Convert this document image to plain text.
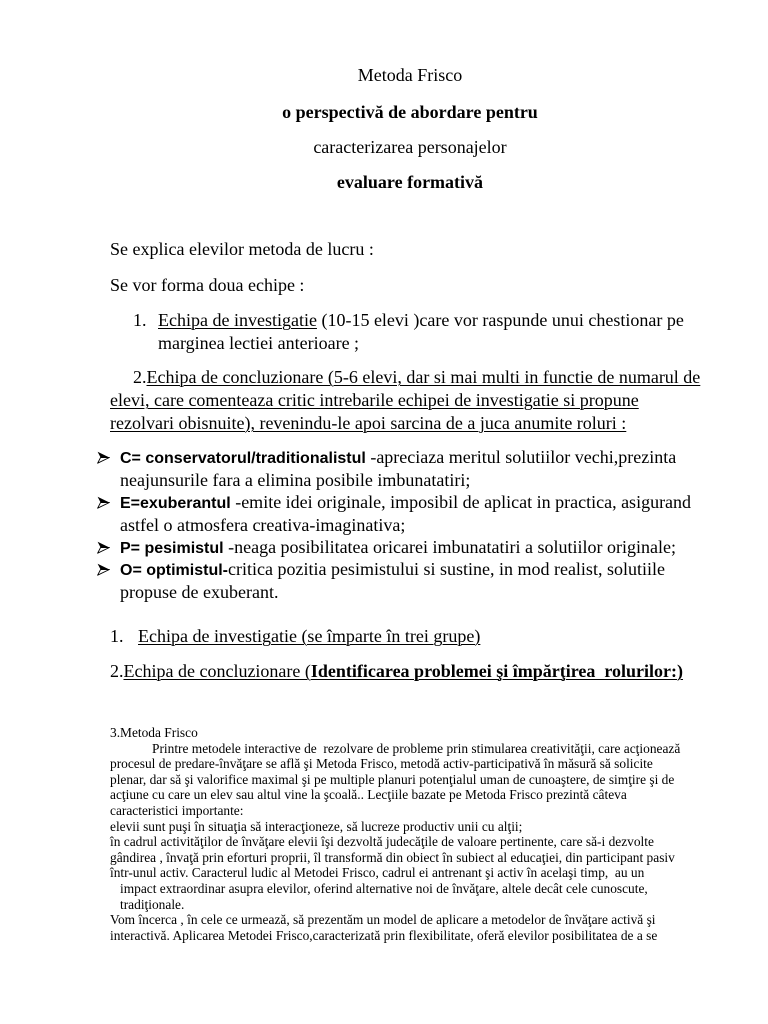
Metoda Frisco
o perspectivă de abordare pentru
caracterizarea personajelor
evaluare formativă
Se explica elevilor metoda de lucru :
Se vor forma doua echipe :
1. Echipa de investigatie (10-15 elevi )care vor raspunde unui chestionar pe
marginea lectiei anterioare ;
2.Echipa de concluzionare (5-6 elevi, dar si mai multi in functie de numarul de
elevi, care comenteaza critic intrebarile echipei de investigatie si propune
rezolvari obisnuite), revenindu-le apoi sarcina de a juca anumite roluri :
C= conservatorul/traditionalistul -apreciaza meritul solutiilor vechi,prezinta
neajunsurile fara a elimina posibile imbunatatiri;
E=exuberantul -emite idei originale, imposibil de aplicat in practica, asigurand
astfel o atmosfera creativa-imaginativa;
P= pesimistul -neaga posibilitatea oricarei imbunatatiri a solutiilor originale;
O= optimistul-critica pozitia pesimistului si sustine, in mod realist, solutiile
propuse de exuberant.
1. Echipa de investigatie (se împarte în trei grupe)
2.Echipa de concluzionare (Identificarea problemei şi împărţirea  rolurilor:)
3.Metoda Frisco
Printre metodele interactive de  rezolvare de probleme prin stimularea creativităţii, care acţionează
procesul de predare-învăţare se află şi Metoda Frisco, metodă activ-participativă în măsură să solicite
plenar, dar să şi valorifice maximal şi pe multiple planuri potenţialul uman de cunoaştere, de simţire şi de
acţiune cu care un elev sau altul vine la şcoală.. Lecţiile bazate pe Metoda Frisco prezintă câteva
caracteristici importante:
elevii sunt puşi în situaţia să interacţioneze, să lucreze productiv unii cu alţii;
în cadrul activităţilor de învăţare elevii îşi dezvoltă judecăţile de valoare pertinente, care să-i dezvolte
gândirea , învaţă prin eforturi proprii, îl transformă din obiect în subiect al educaţiei, din participant pasiv
într-unul activ. Caracterul ludic al Metodei Frisco, cadrul ei antrenant şi activ în acelaşi timp,  au un
impact extraordinar asupra elevilor, oferind alternative noi de învăţare, altele decât cele cunoscute,
tradiţionale.
Vom încerca , în cele ce urmează, să prezentăm un model de aplicare a metodelor de învăţare activă şi
interactivă. Aplicarea Metodei Frisco,caracterizată prin flexibilitate, oferă elevilor posibilitatea de a se
